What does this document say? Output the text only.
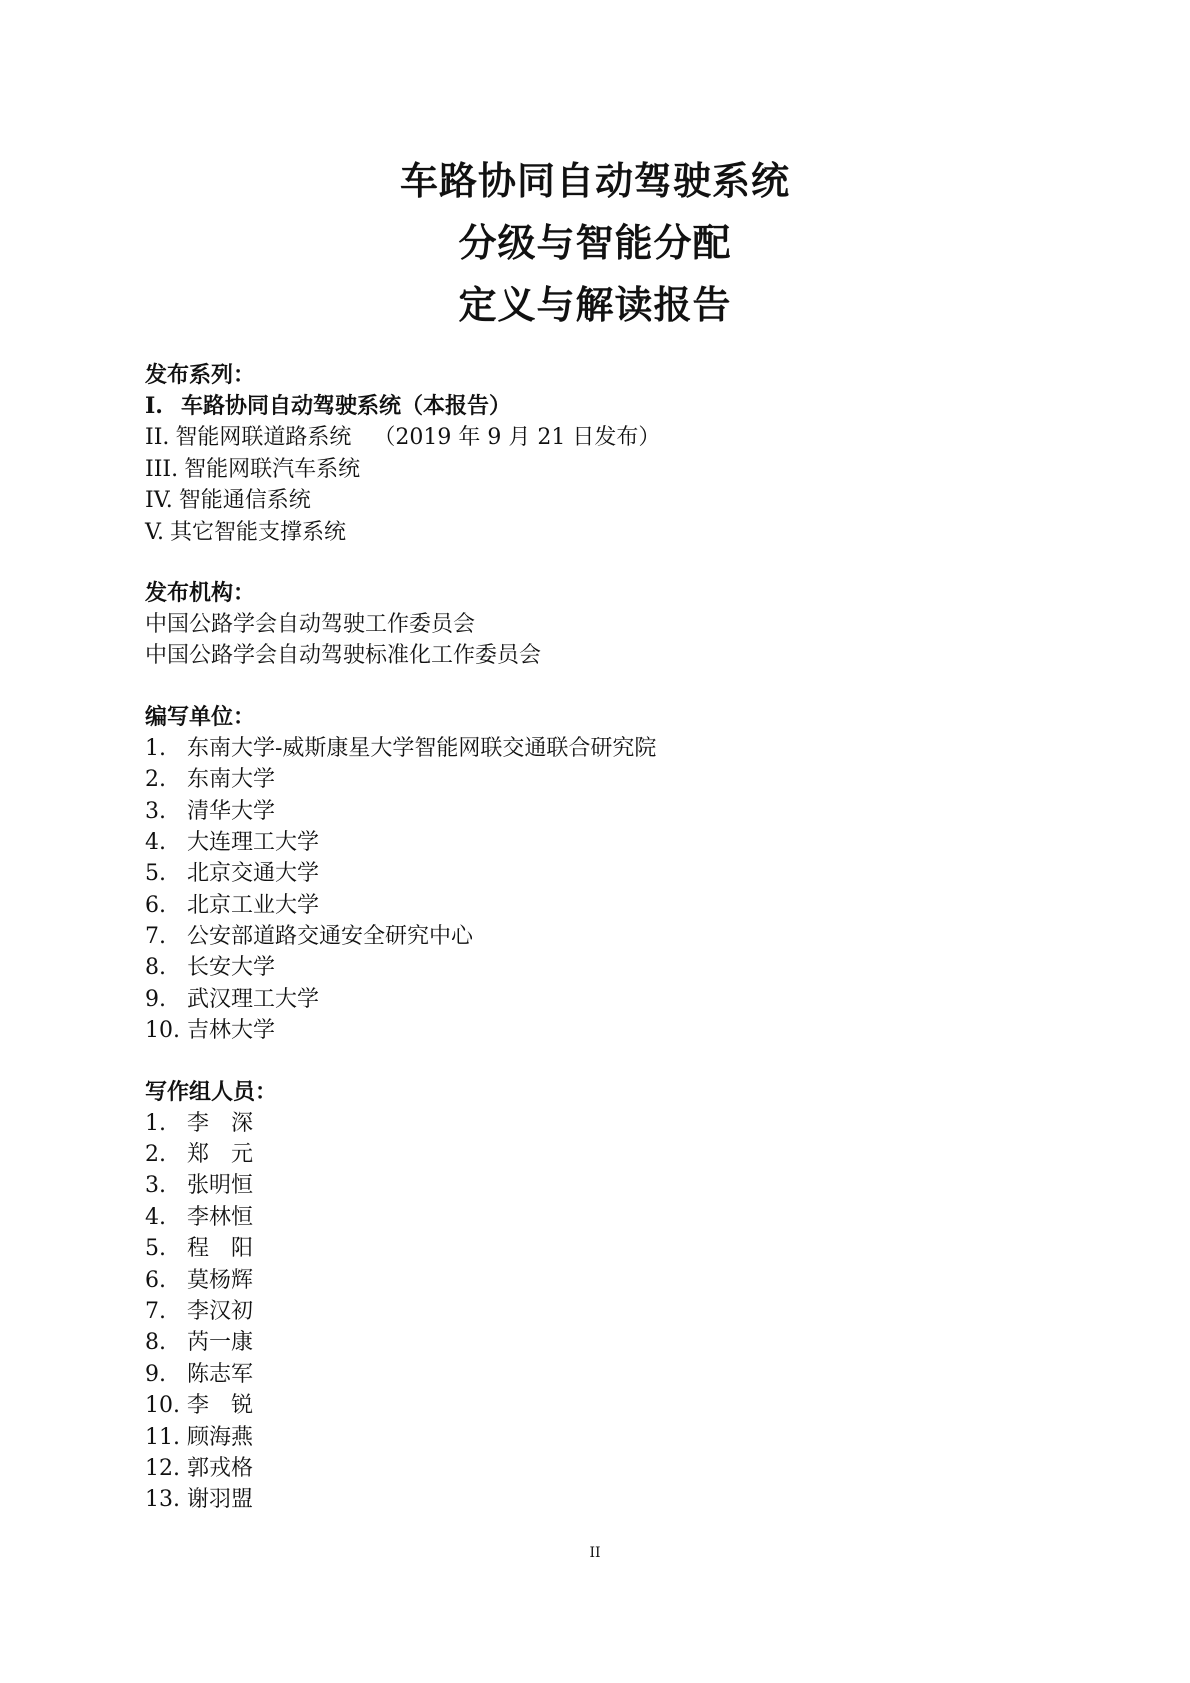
车路协同自动驾驶系统
分级与智能分配
定义与解读报告
发布系列：
I. 车路协同自动驾驶系统（本报告）
II. 智能网联道路系统 （2019 年 9 月 21 日发布）
III. 智能网联汽车系统
IV. 智能通信系统
V. 其它智能支撑系统
发布机构：
中国公路学会自动驾驶工作委员会
中国公路学会自动驾驶标准化工作委员会
编写单位：
1. 东南大学-威斯康星大学智能网联交通联合研究院
2. 东南大学
3. 清华大学
4. 大连理工大学
5. 北京交通大学
6. 北京工业大学
7. 公安部道路交通安全研究中心
8. 长安大学
9. 武汉理工大学
10. 吉林大学
写作组人员：
1. 李　深
2. 郑　元
3. 张明恒
4. 李林恒
5. 程　阳
6. 莫杨辉
7. 李汉初
8. 芮一康
9. 陈志军
10. 李　锐
11. 顾海燕
12. 郭戎格
13. 谢羽盟
II
